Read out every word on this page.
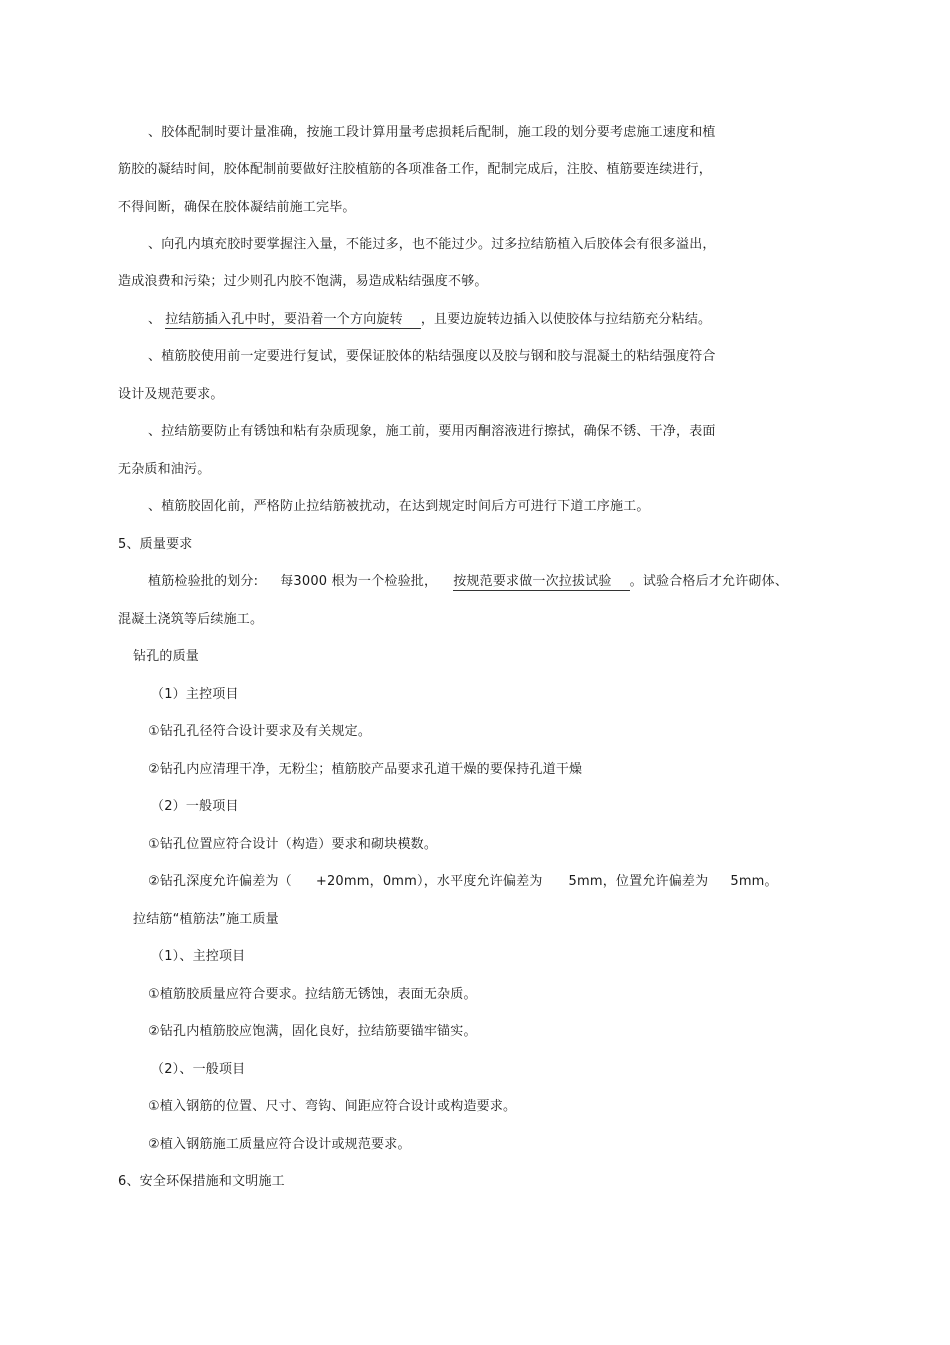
、胶体配制时要计量准确，按施工段计算用量考虑损耗后配制，施工段的划分要考虑施工速度和植
筋胶的凝结时间，胶体配制前要做好注胶植筋的各项准备工作，配制完成后，注胶、植筋要连续进行，
不得间断，确保在胶体凝结前施工完毕。
、向孔内填充胶时要掌握注入量，不能过多，也不能过少。过多拉结筋植入后胶体会有很多溢出，
造成浪费和污染；过少则孔内胶不饱满，易造成粘结强度不够。
、 拉结筋插入孔中时，要沿着一个方向旋转 ，且要边旋转边插入以使胶体与拉结筋充分粘结。
、植筋胶使用前一定要进行复试，要保证胶体的粘结强度以及胶与钢和胶与混凝土的粘结强度符合
设计及规范要求。
、拉结筋要防止有锈蚀和粘有杂质现象，施工前，要用丙酮溶液进行擦拭，确保不锈、干净，表面
无杂质和油污。
、植筋胶固化前，严格防止拉结筋被扰动，在达到规定时间后方可进行下道工序施工。
5、质量要求
植筋检验批的划分: 每3000 根为一个检验批， 按规范要求做一次拉拔试验 。试验合格后才允许砌体、
混凝土浇筑等后续施工。
钻孔的质量
（1）主控项目
①钻孔孔径符合设计要求及有关规定。
②钻孔内应清理干净，无粉尘；植筋胶产品要求孔道干燥的要保持孔道干燥
（2）一般项目
①钻孔位置应符合设计（构造）要求和砌块模数。
②钻孔深度允许偏差为（ +20mm，0mm），水平度允许偏差为 5mm，位置允许偏差为 5mm。
拉结筋“植筋法”施工质量
（1）、主控项目
①植筋胶质量应符合要求。拉结筋无锈蚀，表面无杂质。
②钻孔内植筋胶应饱满，固化良好，拉结筋要锚牢锚实。
（2）、一般项目
①植入钢筋的位置、尺寸、弯钩、间距应符合设计或构造要求。
②植入钢筋施工质量应符合设计或规范要求。
6、安全环保措施和文明施工
